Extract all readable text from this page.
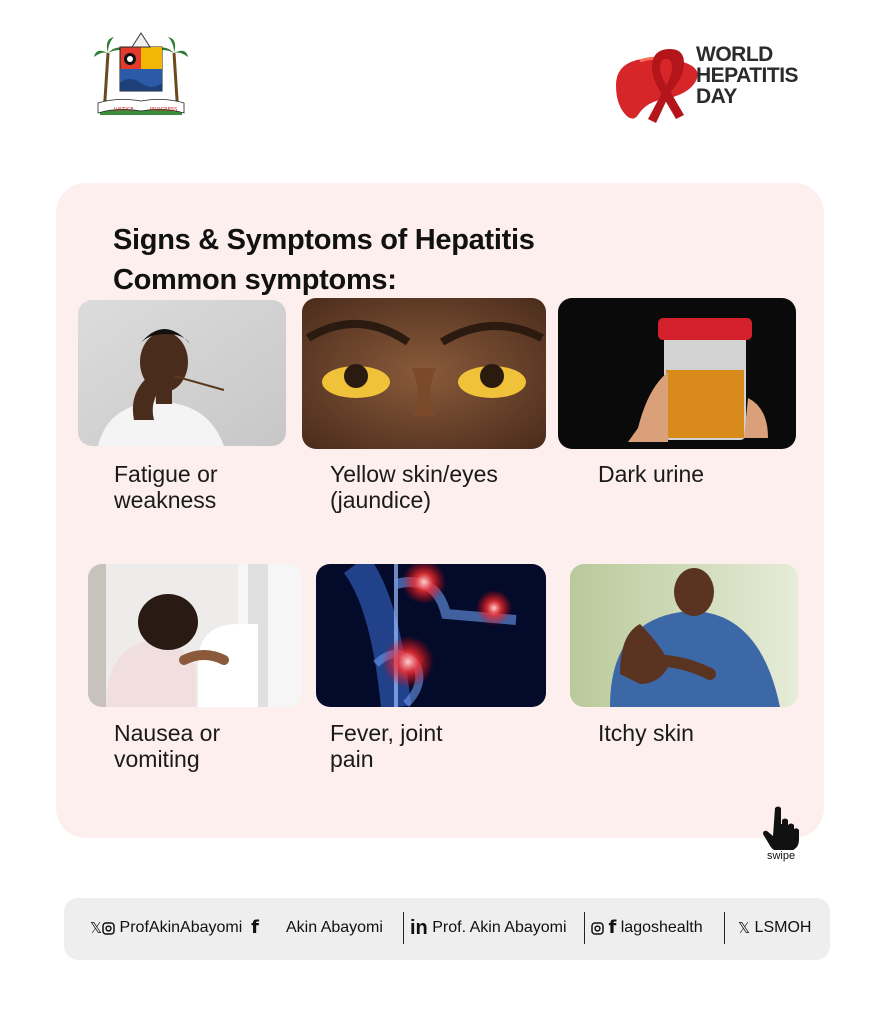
JUSTICE	PROGRESS
WORLD
HEPATITIS
DAY
Signs & Symptoms of Hepatitis
Common symptoms:
Fatigue or
weakness
Yellow skin/eyes
(jaundice)
Dark urine
Nausea or
vomiting
Fever, joint
pain
Itchy skin
swipe
𝕏 ProfAkinAbayomi f Akin Abayomi in Prof. Akin Abayomi	f lagoshealth 𝕏 LSMOH
